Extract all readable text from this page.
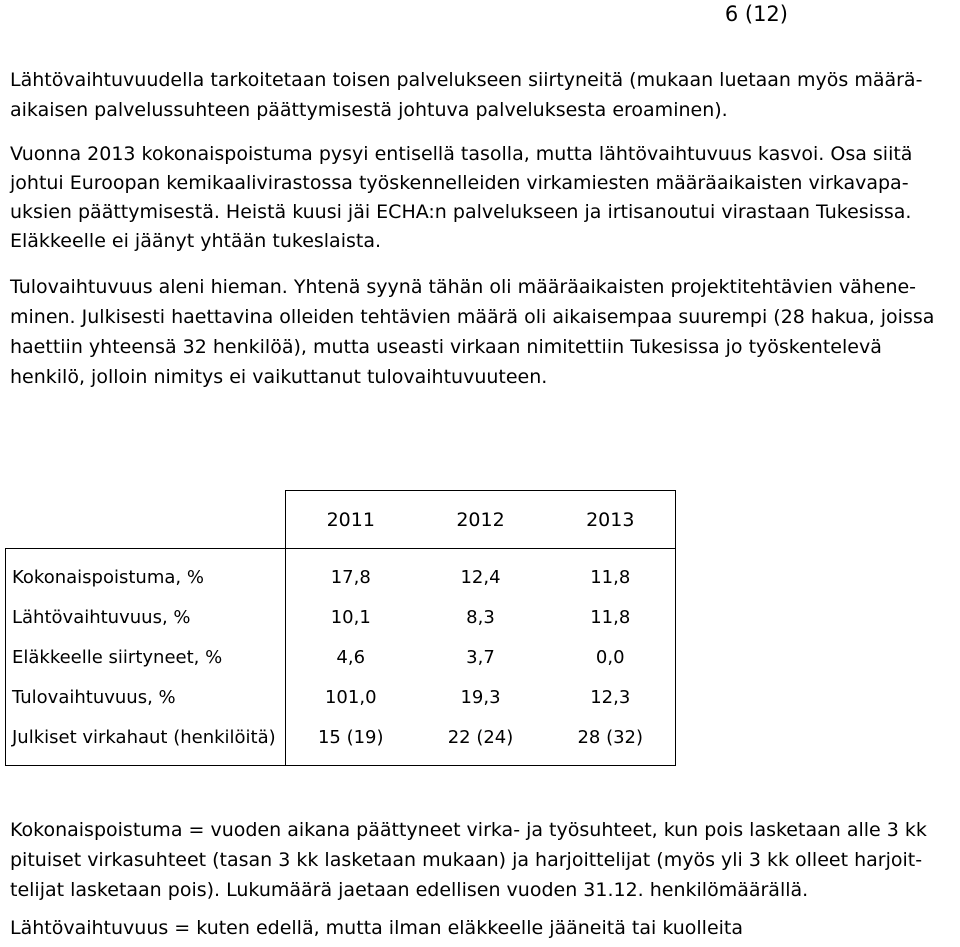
6 (12)

Lähtövaihtuvuudella tarkoitetaan toisen palvelukseen siirtyneitä (mukaan luetaan myös määrä-
aikaisen palvelussuhteen päättymisestä johtuva palveluksesta eroaminen).

Vuonna 2013 kokonaispoistuma pysyi entisellä tasolla, mutta lähtövaihtuvuus kasvoi. Osa siitä
johtui Euroopan kemikaalivirastossa työskennelleiden virkamiesten määräaikaisten virkavapa-
uksien päättymisestä. Heistä kuusi jäi ECHA:n palvelukseen ja irtisanoutui virastaan Tukesissa.
Eläkkeelle ei jäänyt yhtään tukeslaista.

Tulovaihtuvuus aleni hieman. Yhtenä syynä tähän oli määräaikaisten projektitehtävien vähene-
minen. Julkisesti haettavina olleiden tehtävien määrä oli aikaisempaa suurempi (28 hakua, joissa
haettiin yhteensä 32 henkilöä), mutta useasti virkaan nimitettiin Tukesissa jo työskentelevä
henkilö, jolloin nimitys ei vaikuttanut tulovaihtuvuuteen.

	2011	2012	2013
Kokonaispoistuma, %	17,8	12,4	11,8
Lähtövaihtuvuus, %	10,1	8,3	11,8
Eläkkeelle siirtyneet, %	4,6	3,7	0,0
Tulovaihtuvuus, %	101,0	19,3	12,3
Julkiset virkahaut (henkilöitä)	15 (19)	22 (24)	28 (32)

Kokonaispoistuma = vuoden aikana päättyneet virka- ja työsuhteet, kun pois lasketaan alle 3 kk
pituiset virkasuhteet (tasan 3 kk lasketaan mukaan) ja harjoittelijat (myös yli 3 kk olleet harjoit-
telijat lasketaan pois). Lukumäärä jaetaan edellisen vuoden 31.12. henkilömäärällä.

Lähtövaihtuvuus = kuten edellä, mutta ilman eläkkeelle jääneitä tai kuolleita
